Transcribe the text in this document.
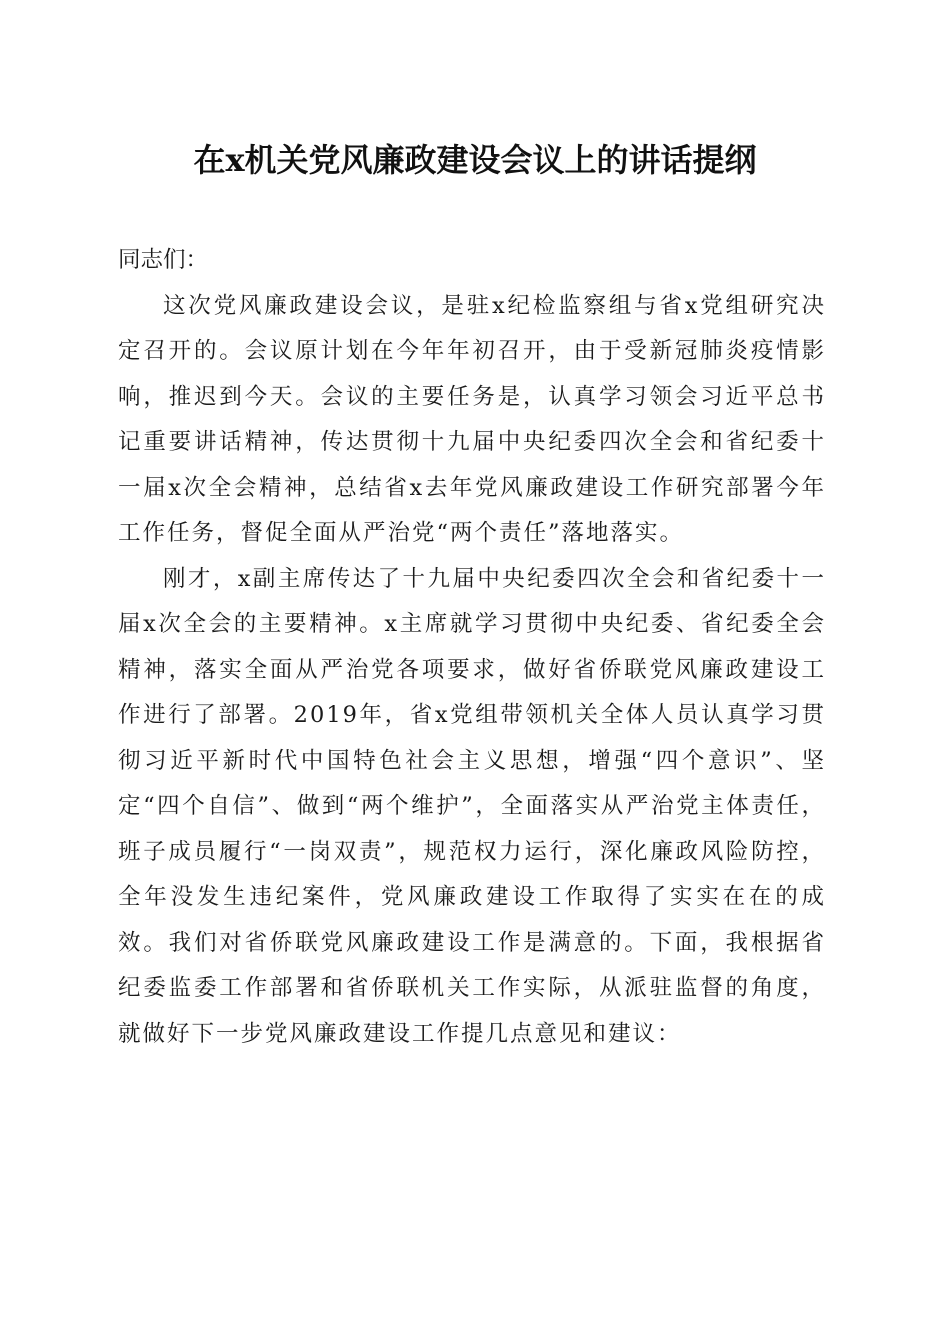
在x机关党风廉政建设会议上的讲话提纲

同志们：

这次党风廉政建设会议，是驻x纪检监察组与省x党组研究决定召开的。会议原计划在今年年初召开，由于受新冠肺炎疫情影响，推迟到今天。会议的主要任务是，认真学习领会习近平总书记重要讲话精神，传达贯彻十九届中央纪委四次全会和省纪委十一届x次全会精神，总结省x去年党风廉政建设工作研究部署今年工作任务，督促全面从严治党“两个责任”落地落实。

刚才，x副主席传达了十九届中央纪委四次全会和省纪委十一届x次全会的主要精神。x主席就学习贯彻中央纪委、省纪委全会精神，落实全面从严治党各项要求，做好省侨联党风廉政建设工作进行了部署。2019年，省x党组带领机关全体人员认真学习贯彻习近平新时代中国特色社会主义思想，增强“四个意识”、坚定“四个自信”、做到“两个维护”，全面落实从严治党主体责任，班子成员履行“一岗双责”，规范权力运行，深化廉政风险防控，全年没发生违纪案件，党风廉政建设工作取得了实实在在的成效。我们对省侨联党风廉政建设工作是满意的。下面，我根据省纪委监委工作部署和省侨联机关工作实际，从派驻监督的角度，就做好下一步党风廉政建设工作提几点意见和建议：
